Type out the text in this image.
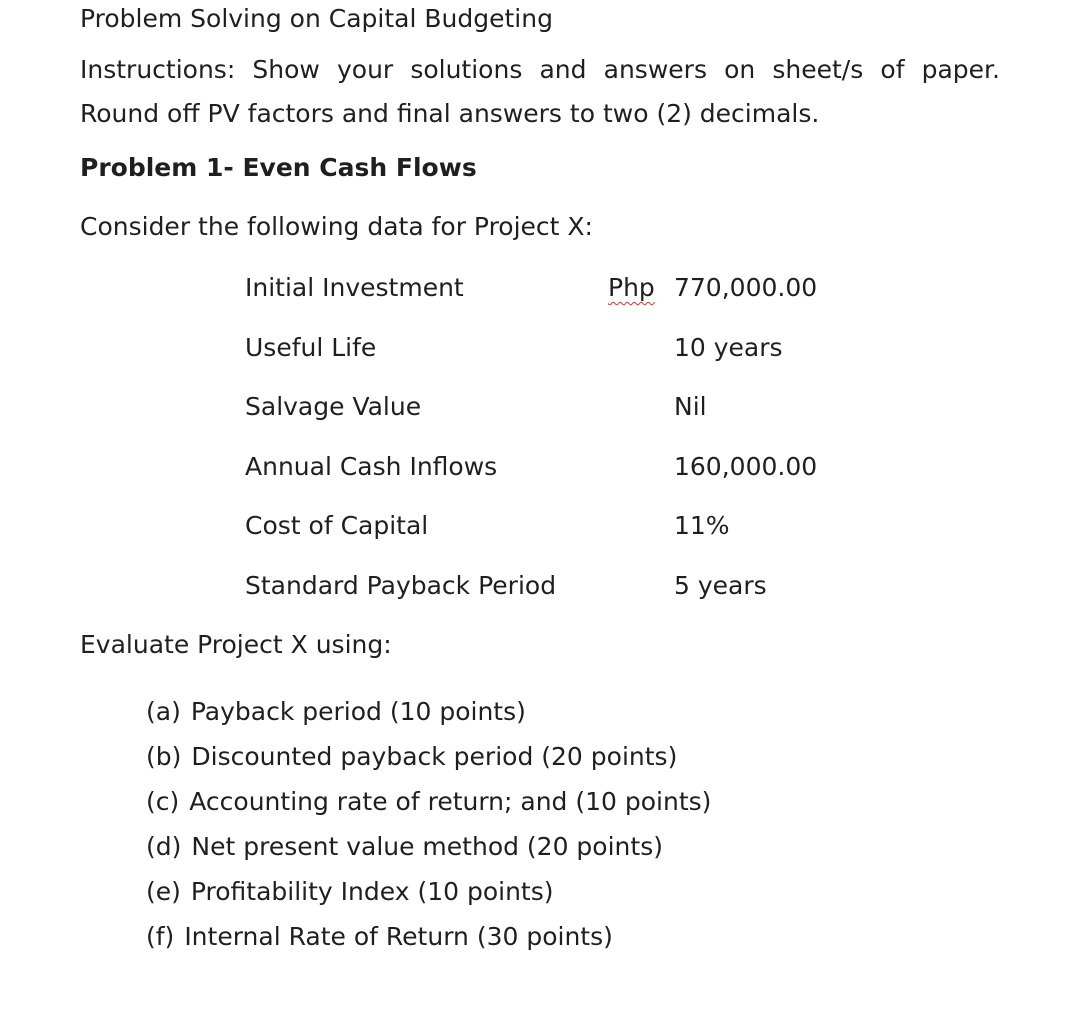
Problem Solving on Capital Budgeting
Instructions: Show your solutions and answers on sheet/s of paper. Round off PV factors and final answers to two (2) decimals.
Problem 1- Even Cash Flows
Consider the following data for Project X:
Initial Investment	Php 770,000.00
Useful Life	10 years
Salvage Value	Nil
Annual Cash Inflows	160,000.00
Cost of Capital	11%
Standard Payback Period	5 years
Evaluate Project X using:
(a) Payback period (10 points)
(b) Discounted payback period (20 points)
(c) Accounting rate of return; and (10 points)
(d) Net present value method (20 points)
(e) Profitability Index (10 points)
(f) Internal Rate of Return (30 points)
